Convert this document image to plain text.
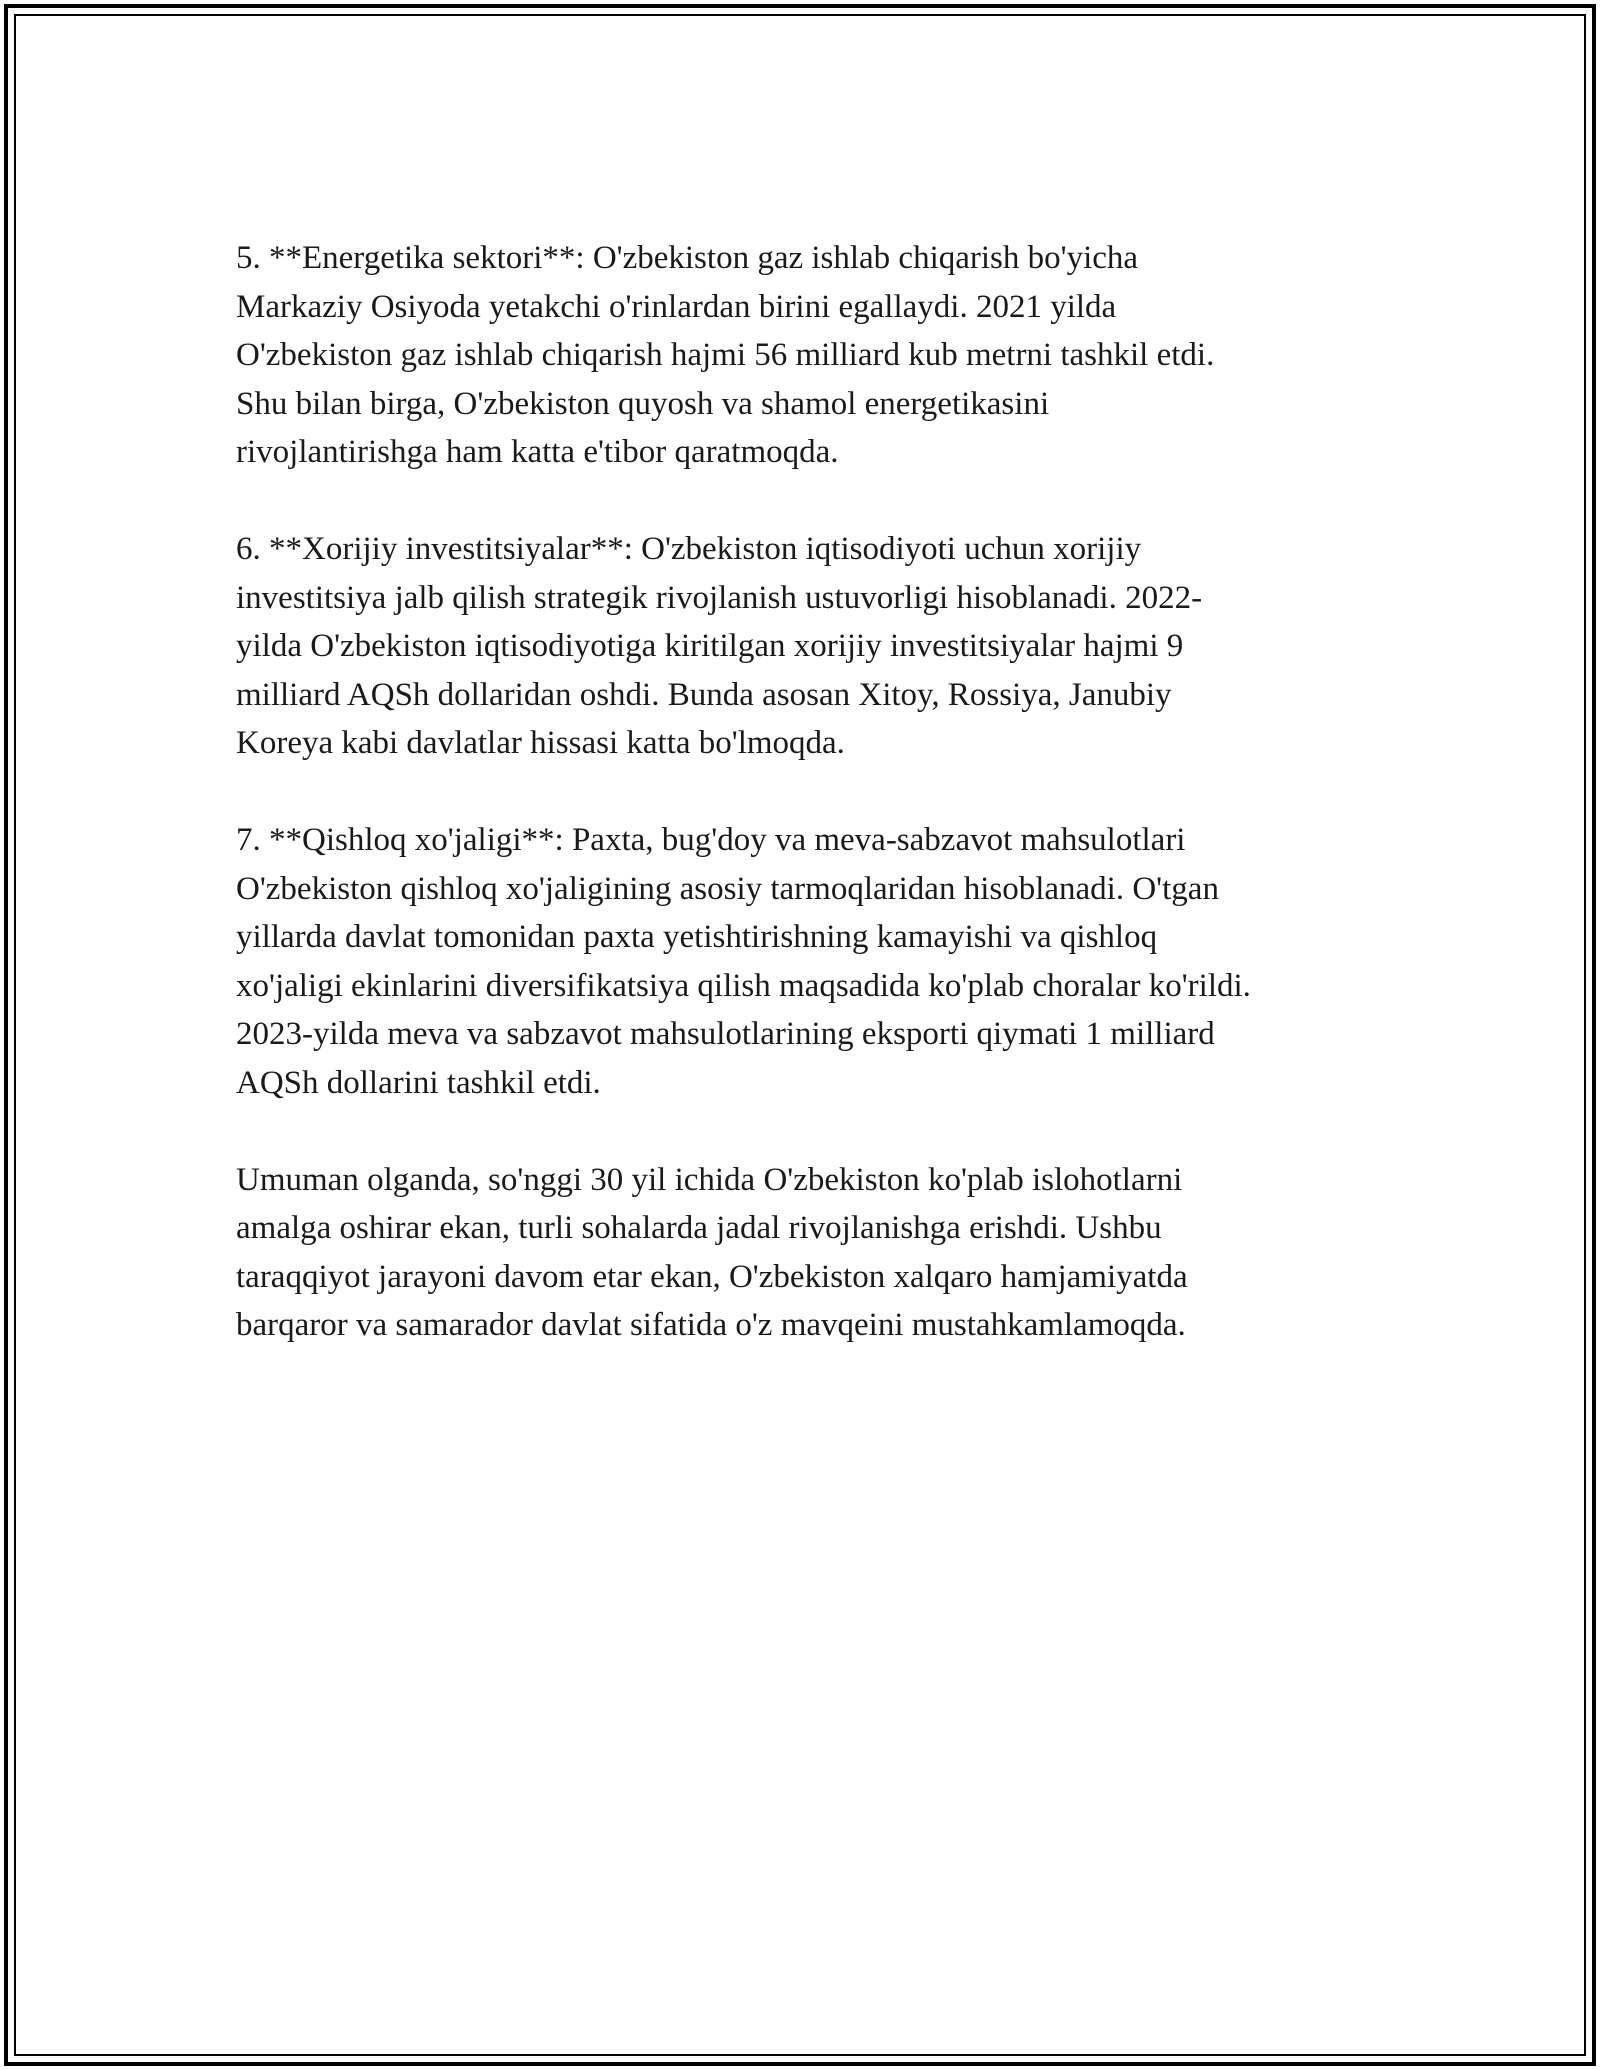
5. **Energetika sektori**: O'zbekiston gaz ishlab chiqarish bo'yicha
Markaziy Osiyoda yetakchi o'rinlardan birini egallaydi. 2021 yilda
O'zbekiston gaz ishlab chiqarish hajmi 56 milliard kub metrni tashkil etdi.
Shu bilan birga, O'zbekiston quyosh va shamol energetikasini
rivojlantirishga ham katta e'tibor qaratmoqda.

6. **Xorijiy investitsiyalar**: O'zbekiston iqtisodiyoti uchun xorijiy
investitsiya jalb qilish strategik rivojlanish ustuvorligi hisoblanadi. 2022-
yilda O'zbekiston iqtisodiyotiga kiritilgan xorijiy investitsiyalar hajmi 9
milliard AQSh dollaridan oshdi. Bunda asosan Xitoy, Rossiya, Janubiy
Koreya kabi davlatlar hissasi katta bo'lmoqda.

7. **Qishloq xo'jaligi**: Paxta, bug'doy va meva-sabzavot mahsulotlari
O'zbekiston qishloq xo'jaligining asosiy tarmoqlaridan hisoblanadi. O'tgan
yillarda davlat tomonidan paxta yetishtirishning kamayishi va qishloq
xo'jaligi ekinlarini diversifikatsiya qilish maqsadida ko'plab choralar ko'rildi.
2023-yilda meva va sabzavot mahsulotlarining eksporti qiymati 1 milliard
AQSh dollarini tashkil etdi.

Umuman olganda, so'nggi 30 yil ichida O'zbekiston ko'plab islohotlarni
amalga oshirar ekan, turli sohalarda jadal rivojlanishga erishdi. Ushbu
taraqqiyot jarayoni davom etar ekan, O'zbekiston xalqaro hamjamiyatda
barqaror va samarador davlat sifatida o'z mavqeini mustahkamlamoqda.
